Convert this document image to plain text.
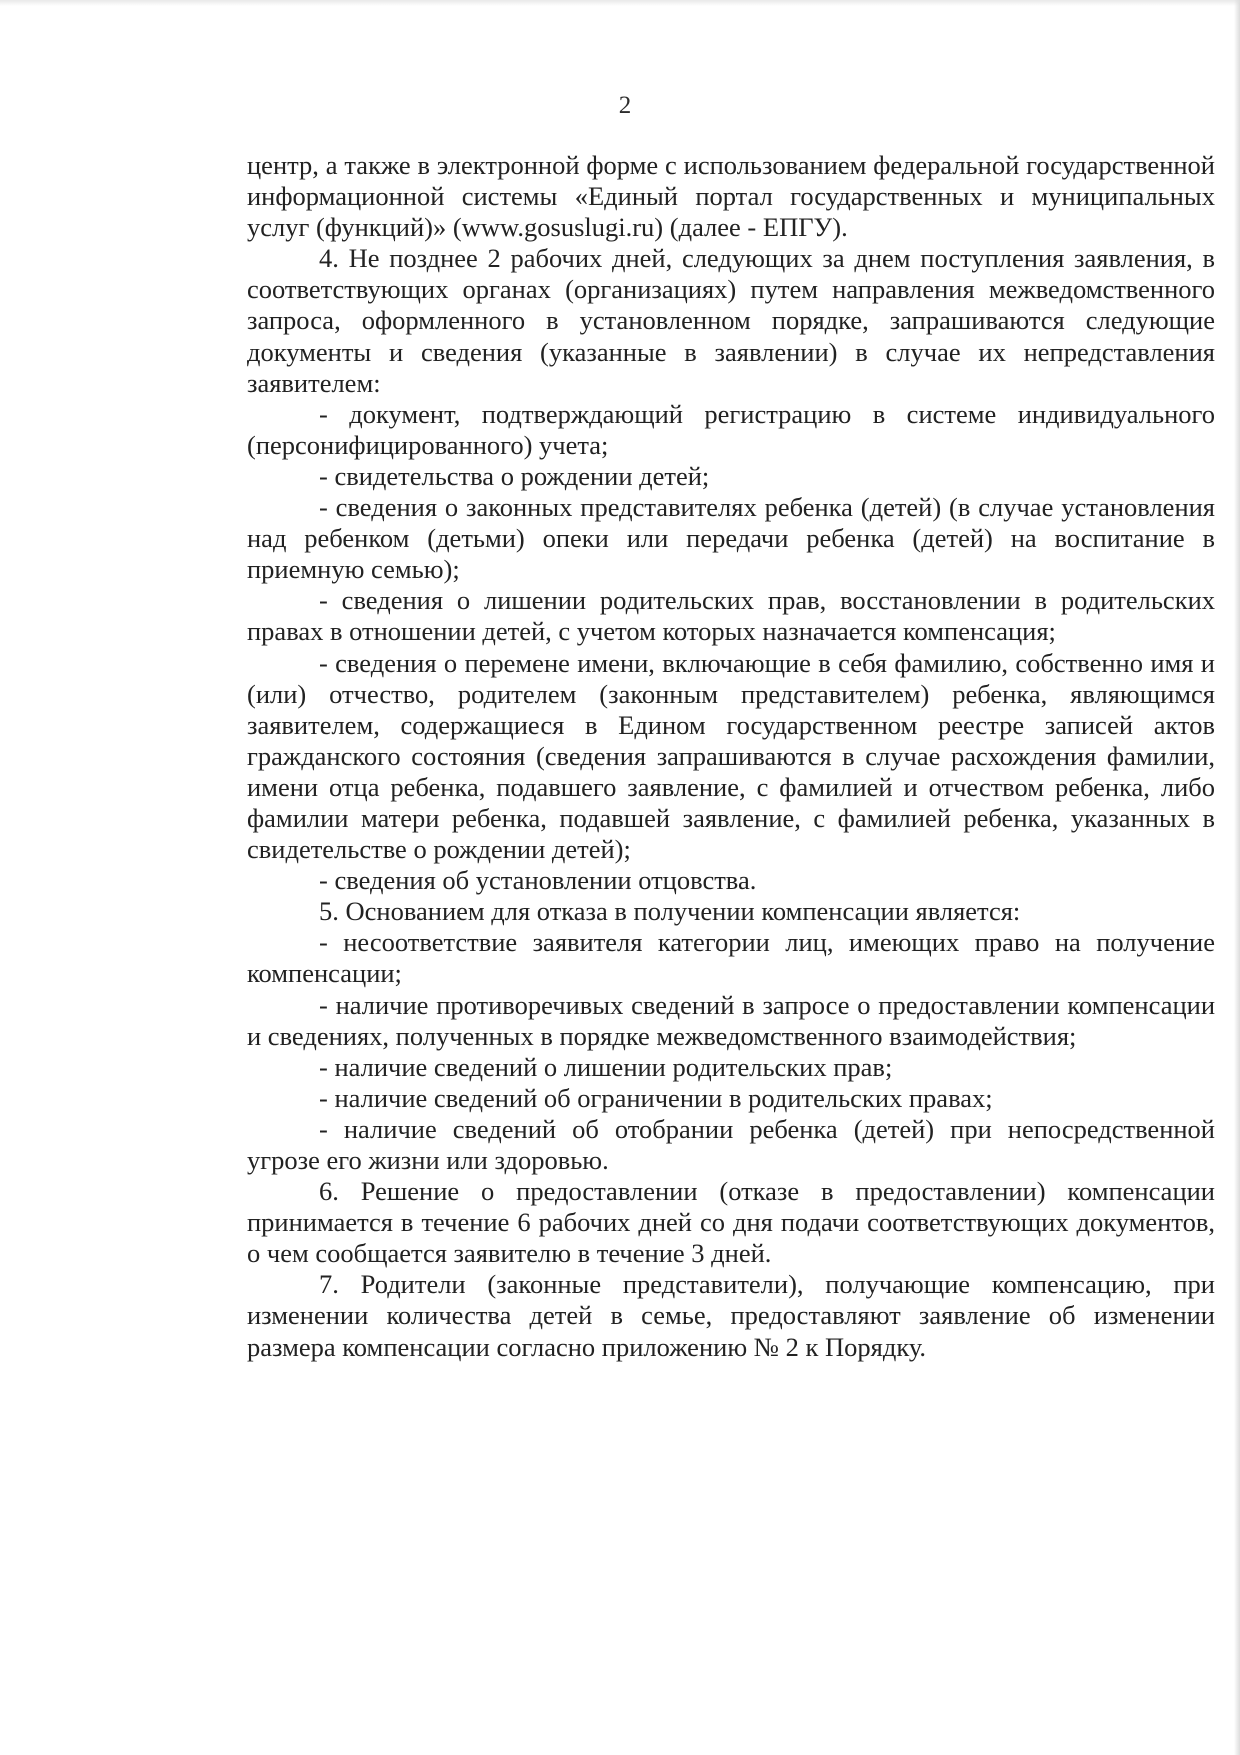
2

центр, а также в электронной форме с использованием федеральной государственной информационной системы «Единый портал государственных и муниципальных услуг (функций)» (www.gosuslugi.ru) (далее - ЕПГУ).

4. Не позднее 2 рабочих дней, следующих за днем поступления заявления, в соответствующих органах (организациях) путем направления межведомственного запроса, оформленного в установленном порядке, запрашиваются следующие документы и сведения (указанные в заявлении) в случае их непредставления заявителем:

- документ, подтверждающий регистрацию в системе индивидуального (персонифицированного) учета;

- свидетельства о рождении детей;

- сведения о законных представителях ребенка (детей) (в случае установления над ребенком (детьми) опеки или передачи ребенка (детей) на воспитание в приемную семью);

- сведения о лишении родительских прав, восстановлении в родительских правах в отношении детей, с учетом которых назначается компенсация;

- сведения о перемене имени, включающие в себя фамилию, собственно имя и (или) отчество, родителем (законным представителем) ребенка, являющимся заявителем, содержащиеся в Едином государственном реестре записей актов гражданского состояния (сведения запрашиваются в случае расхождения фамилии, имени отца ребенка, подавшего заявление, с фамилией и отчеством ребенка, либо фамилии матери ребенка, подавшей заявление, с фамилией ребенка, указанных в свидетельстве о рождении детей);

- сведения об установлении отцовства.

5. Основанием для отказа в получении компенсации является:

- несоответствие заявителя категории лиц, имеющих право на получение компенсации;

- наличие противоречивых сведений в запросе о предоставлении компенсации и сведениях, полученных в порядке межведомственного взаимодействия;

- наличие сведений о лишении родительских прав;

- наличие сведений об ограничении в родительских правах;

- наличие сведений об отобрании ребенка (детей) при непосредственной угрозе его жизни или здоровью.

6. Решение о предоставлении (отказе в предоставлении) компенсации принимается в течение 6 рабочих дней со дня подачи соответствующих документов, о чем сообщается заявителю в течение 3 дней.

7. Родители (законные представители), получающие компенсацию, при изменении количества детей в семье, предоставляют заявление об изменении размера компенсации согласно приложению № 2 к Порядку.
